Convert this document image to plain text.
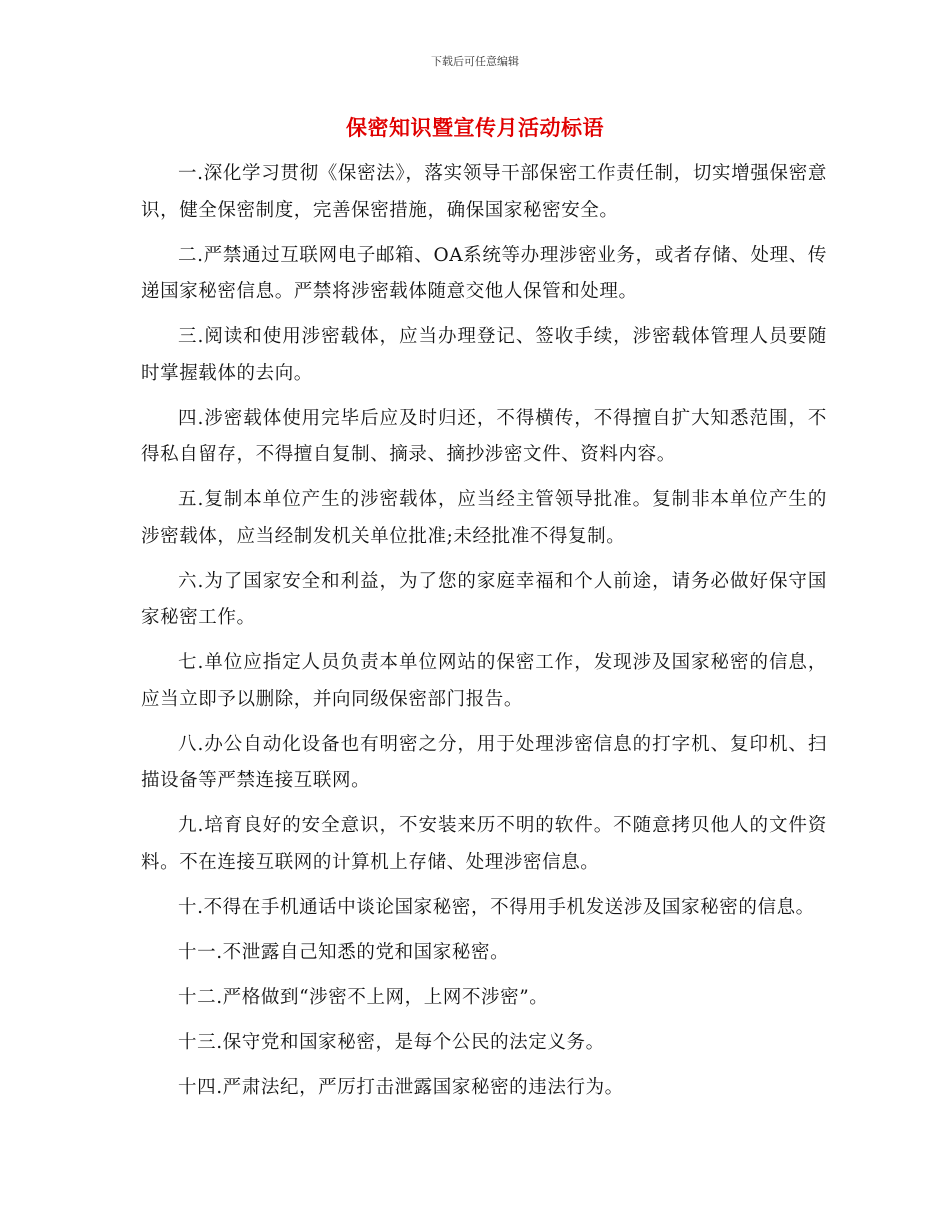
下载后可任意编辑
保密知识暨宣传月活动标语

一.深化学习贯彻《保密法》，落实领导干部保密工作责任制，切实增强保密意识，健全保密制度，完善保密措施，确保国家秘密安全。

二.严禁通过互联网电子邮箱、OA系统等办理涉密业务，或者存储、处理、传递国家秘密信息。严禁将涉密载体随意交他人保管和处理。

三.阅读和使用涉密载体，应当办理登记、签收手续，涉密载体管理人员要随时掌握载体的去向。

四.涉密载体使用完毕后应及时归还，不得横传，不得擅自扩大知悉范围，不得私自留存，不得擅自复制、摘录、摘抄涉密文件、资料内容。

五.复制本单位产生的涉密载体，应当经主管领导批准。复制非本单位产生的涉密载体，应当经制发机关单位批准;未经批准不得复制。

六.为了国家安全和利益，为了您的家庭幸福和个人前途，请务必做好保守国家秘密工作。

七.单位应指定人员负责本单位网站的保密工作，发现涉及国家秘密的信息，应当立即予以删除，并向同级保密部门报告。

八.办公自动化设备也有明密之分，用于处理涉密信息的打字机、复印机、扫描设备等严禁连接互联网。

九.培育良好的安全意识，不安装来历不明的软件。不随意拷贝他人的文件资料。不在连接互联网的计算机上存储、处理涉密信息。

十.不得在手机通话中谈论国家秘密，不得用手机发送涉及国家秘密的信息。

十一.不泄露自己知悉的党和国家秘密。

十二.严格做到“涉密不上网，上网不涉密”。

十三.保守党和国家秘密，是每个公民的法定义务。

十四.严肃法纪，严厉打击泄露国家秘密的违法行为。
